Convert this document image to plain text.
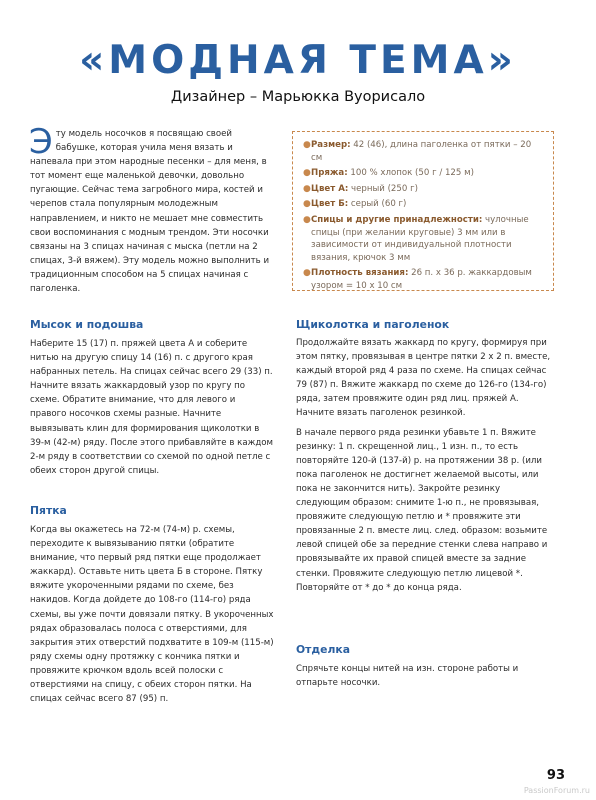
«МОДНАЯ ТЕМА»
Дизайнер – Марьюкка Вуорисало

Эту модель носочков я посвящаю своей бабушке, которая учила меня вязать и напевала при этом народные песенки – для меня, в тот момент еще маленькой девочки, довольно пугающие. Сейчас тема загробного мира, костей и черепов стала популярным молодежным направлением, и никто не мешает мне совместить свои воспоминания с модным трендом. Эти носочки связаны на 3 спицах начиная с мыска (петли на 2 спицах, 3-й вяжем). Эту модель можно выполнить и традиционным способом на 5 спицах начиная с паголенка.

● Размер: 42 (46), длина паголенка от пятки – 20 см
● Пряжа: 100 % хлопок (50 г / 125 м)
● Цвет А: черный (250 г)
● Цвет Б: серый (60 г)
● Спицы и другие принадлежности: чулочные спицы (при желании круговые) 3 мм или в зависимости от индивидуальной плотности вязания, крючок 3 мм
● Плотность вязания: 26 п. х 36 р. жаккардовым узором = 10 х 10 см
Мысок и подошва

Наберите 15 (17) п. пряжей цвета А и соберите нитью на другую спицу 14 (16) п. с другого края набранных петель. На спицах сейчас всего 29 (33) п. Начните вязать жаккардовый узор по кругу по схеме. Обратите внимание, что для левого и правого носочков схемы разные. Начните вывязывать клин для формирования щиколотки в 39-м (42-м) ряду. После этого прибавляйте в каждом 2-м ряду в соответствии со схемой по одной петле с обеих сторон другой спицы.

Пятка

Когда вы окажетесь на 72-м (74-м) р. схемы, переходите к вывязыванию пятки (обратите внимание, что первый ряд пятки еще продолжает жаккард). Оставьте нить цвета Б в стороне. Пятку вяжите укороченными рядами по схеме, без накидов. Когда дойдете до 108-го (114-го) ряда схемы, вы уже почти довязали пятку. В укороченных рядах образовалась полоса с отверстиями, для закрытия этих отверстий подхватите в 109-м (115-м) ряду схемы одну протяжку с кончика пятки и провяжите крючком вдоль всей полоски с отверстиями на спицу, с обеих сторон пятки. На спицах сейчас всего 87 (95) п.

Щиколотка и паголенок

Продолжайте вязать жаккард по кругу, формируя при этом пятку, провязывая в центре пятки 2 х 2 п. вместе, каждый второй ряд 4 раза по схеме. На спицах сейчас 79 (87) п. Вяжите жаккард по схеме до 126-го (134-го) ряда, затем провяжите один ряд лиц. пряжей А. Начните вязать паголенок резинкой.

В начале первого ряда резинки убавьте 1 п. Вяжите резинку: 1 п. скрещенной лиц., 1 изн. п., то есть повторяйте 120-й (137-й) р. на протяжении 38 р. (или пока паголенок не достигнет желаемой высоты, или пока не закончится нить). Закройте резинку следующим образом: снимите 1-ю п., не провязывая, провяжите следующую петлю и * провяжите эти провязанные 2 п. вместе лиц. след. образом: возьмите левой спицей обе за передние стенки слева направо и провязывайте их правой спицей вместе за задние стенки. Провяжите следующую петлю лицевой *. Повторяйте от * до * до конца ряда.

Отделка

Спрячьте концы нитей на изн. стороне работы и отпарьте носочки.

93
PassionForum.ru
